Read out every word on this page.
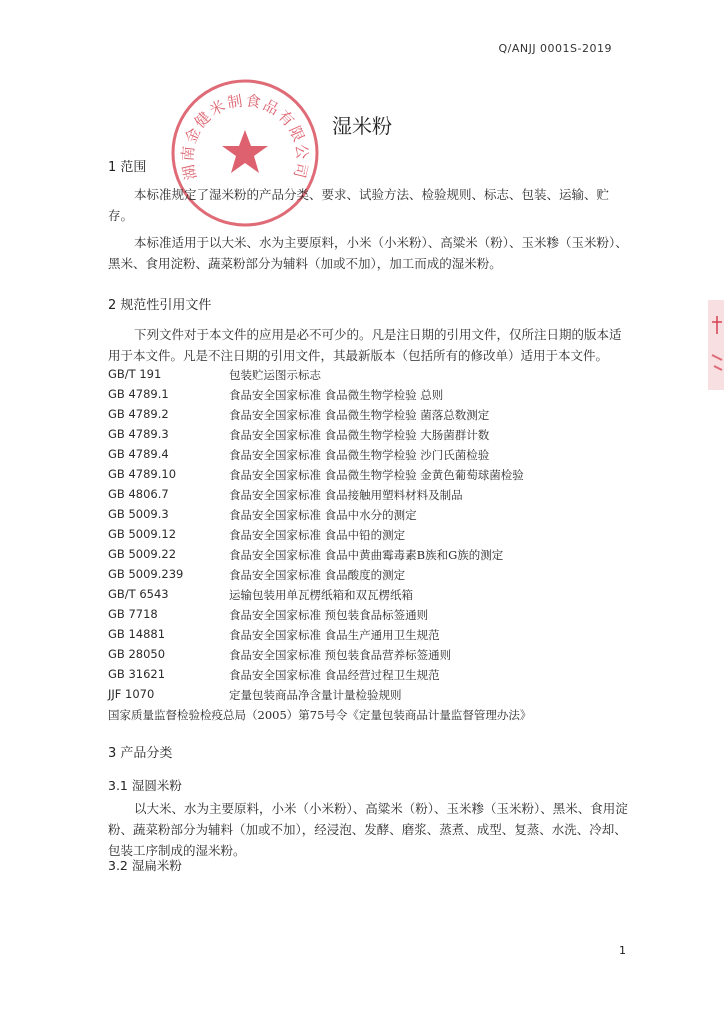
Q/ANJJ 0001S-2019
湖南金健米制食品有限公司
湿米粉
1 范围
本标准规定了湿米粉的产品分类、要求、试验方法、检验规则、标志、包装、运输、贮存。
本标准适用于以大米、水为主要原料，小米（小米粉）、高粱米（粉）、玉米糁（玉米粉）、黑米、食用淀粉、蔬菜粉部分为辅料（加或不加），加工而成的湿米粉。
2 规范性引用文件
下列文件对于本文件的应用是必不可少的。凡是注日期的引用文件，仅所注日期的版本适用于本文件。凡是不注日期的引用文件，其最新版本（包括所有的修改单）适用于本文件。
GB/T 191	包装贮运图示标志
GB 4789.1	食品安全国家标准 食品微生物学检验 总则
GB 4789.2	食品安全国家标准 食品微生物学检验 菌落总数测定
GB 4789.3	食品安全国家标准 食品微生物学检验 大肠菌群计数
GB 4789.4	食品安全国家标准 食品微生物学检验 沙门氏菌检验
GB 4789.10	食品安全国家标准 食品微生物学检验 金黄色葡萄球菌检验
GB 4806.7	食品安全国家标准 食品接触用塑料材料及制品
GB 5009.3	食品安全国家标准 食品中水分的测定
GB 5009.12	食品安全国家标准 食品中铅的测定
GB 5009.22	食品安全国家标准 食品中黄曲霉毒素B族和G族的测定
GB 5009.239	食品安全国家标准 食品酸度的测定
GB/T 6543	运输包装用单瓦楞纸箱和双瓦楞纸箱
GB 7718	食品安全国家标准 预包装食品标签通则
GB 14881	食品安全国家标准 食品生产通用卫生规范
GB 28050	食品安全国家标准 预包装食品营养标签通则
GB 31621	食品安全国家标准 食品经营过程卫生规范
JJF 1070	定量包装商品净含量计量检验规则
国家质量监督检验检疫总局（2005）第75号令《定量包装商品计量监督管理办法》
3 产品分类
3.1 湿圆米粉
以大米、水为主要原料，小米（小米粉）、高粱米（粉）、玉米糁（玉米粉）、黑米、食用淀粉、蔬菜粉部分为辅料（加或不加），经浸泡、发酵、磨浆、蒸煮、成型、复蒸、水洗、冷却、包装工序制成的湿米粉。
3.2 湿扁米粉
1
